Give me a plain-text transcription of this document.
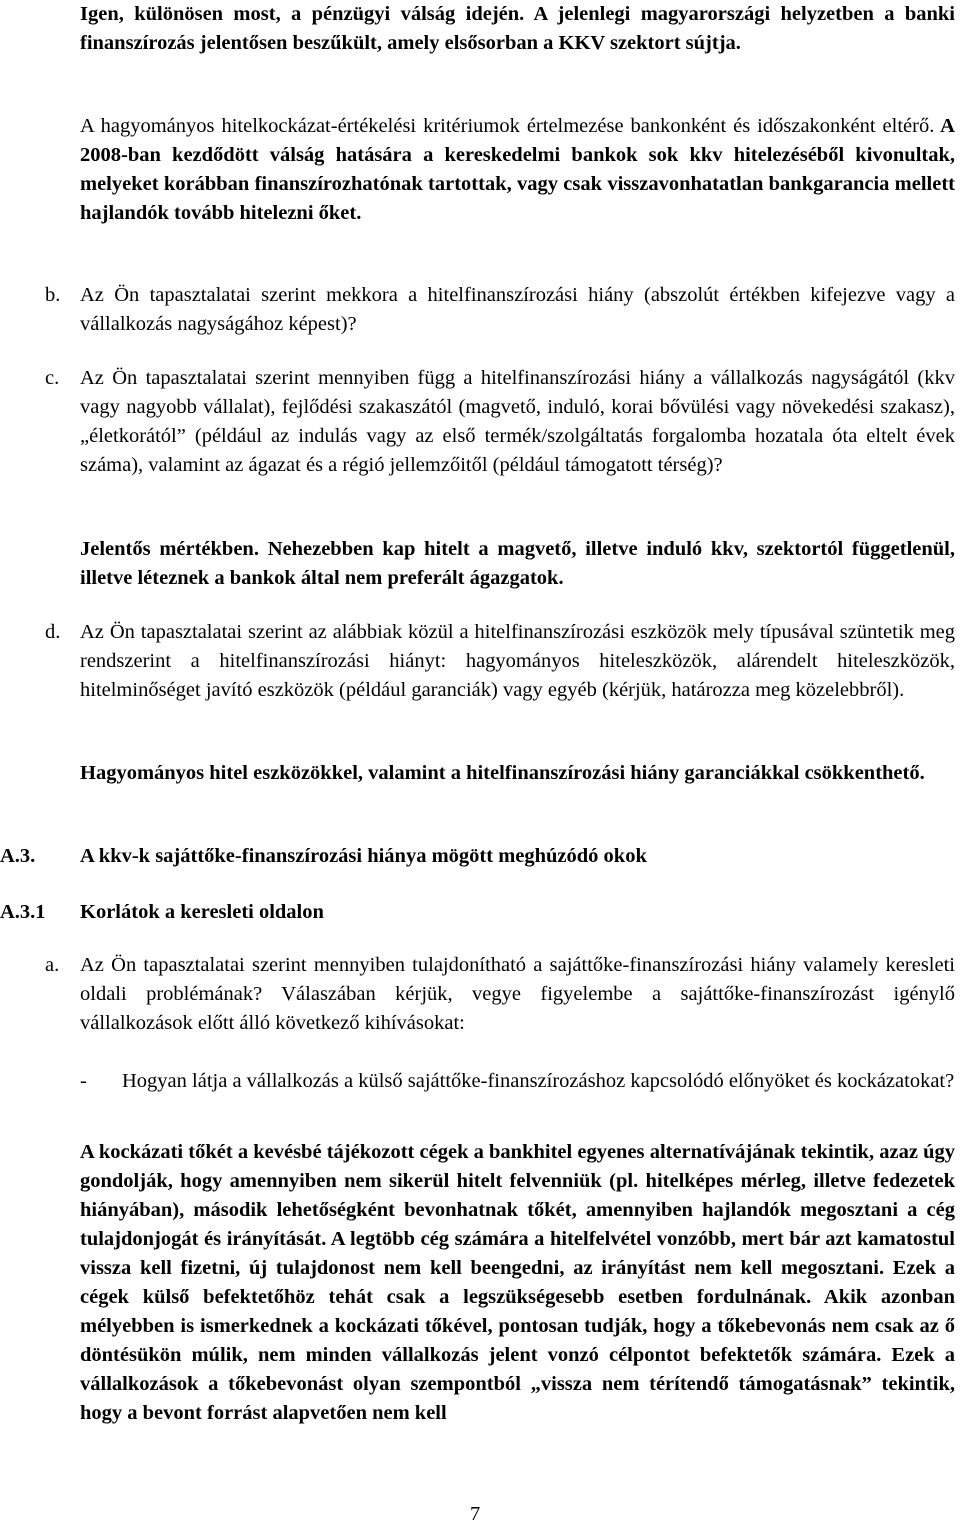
Igen, különösen most, a pénzügyi válság idején. A jelenlegi magyarországi helyzetben a banki finanszírozás jelentősen beszűkült, amely elsősorban a KKV szektort sújtja.

A hagyományos hitelkockázat-értékelési kritériumok értelmezése bankonként és időszakonként eltérő. A 2008-ban kezdődött válság hatására a kereskedelmi bankok sok kkv hitelezéséből kivonultak, melyeket korábban finanszírozhatónak tartottak, vagy csak visszavonhatatlan bankgarancia mellett hajlandók tovább hitelezni őket.

b. Az Ön tapasztalatai szerint mekkora a hitelfinanszírozási hiány (abszolút értékben kifejezve vagy a vállalkozás nagyságához képest)?

c. Az Ön tapasztalatai szerint mennyiben függ a hitelfinanszírozási hiány a vállalkozás nagyságától (kkv vagy nagyobb vállalat), fejlődési szakaszától (magvető, induló, korai bővülési vagy növekedési szakasz), „életkorától” (például az indulás vagy az első termék/szolgáltatás forgalomba hozatala óta eltelt évek száma), valamint az ágazat és a régió jellemzőitől (például támogatott térség)?

Jelentős mértékben. Nehezebben kap hitelt a magvető, illetve induló kkv, szektortól függetlenül, illetve léteznek a bankok által nem preferált ágazgatok.

d. Az Ön tapasztalatai szerint az alábbiak közül a hitelfinanszírozási eszközök mely típusával szüntetik meg rendszerint a hitelfinanszírozási hiányt: hagyományos hiteleszközök, alárendelt hiteleszközök, hitelminőséget javító eszközök (például garanciák) vagy egyéb (kérjük, határozza meg közelebbről).

Hagyományos hitel eszközökkel, valamint a hitelfinanszírozási hiány garanciákkal csökkenthető.

A.3. A kkv-k sajáttőke-finanszírozási hiánya mögött meghúzódó okok
A.3.1 Korlátok a keresleti oldalon
a. Az Ön tapasztalatai szerint mennyiben tulajdonítható a sajáttőke-finanszírozási hiány valamely keresleti oldali problémának? Válaszában kérjük, vegye figyelembe a sajáttőke-finanszírozást igénylő vállalkozások előtt álló következő kihívásokat:

- Hogyan látja a vállalkozás a külső sajáttőke-finanszírozáshoz kapcsolódó előnyöket és kockázatokat?

A kockázati tőkét a kevésbé tájékozott cégek a bankhitel egyenes alternatívájának tekintik, azaz úgy gondolják, hogy amennyiben nem sikerül hitelt felvenniük (pl. hitelképes mérleg, illetve fedezetek hiányában), második lehetőségként bevonhatnak tőkét, amennyiben hajlandók megosztani a cég tulajdonjogát és irányítását. A legtöbb cég számára a hitelfelvétel vonzóbb, mert bár azt kamatostul vissza kell fizetni, új tulajdonost nem kell beengedni, az irányítást nem kell megosztani. Ezek a cégek külső befektetőhöz tehát csak a legszükségesebb esetben fordulnának. Akik azonban mélyebben is ismerkednek a kockázati tőkével, pontosan tudják, hogy a tőkebevonás nem csak az ő döntésükön múlik, nem minden vállalkozás jelent vonzó célpontot befektetők számára. Ezek a vállalkozások a tőkebevonást olyan szempontból „vissza nem térítendő támogatásnak” tekintik, hogy a bevont forrást alapvetően nem kell

7
